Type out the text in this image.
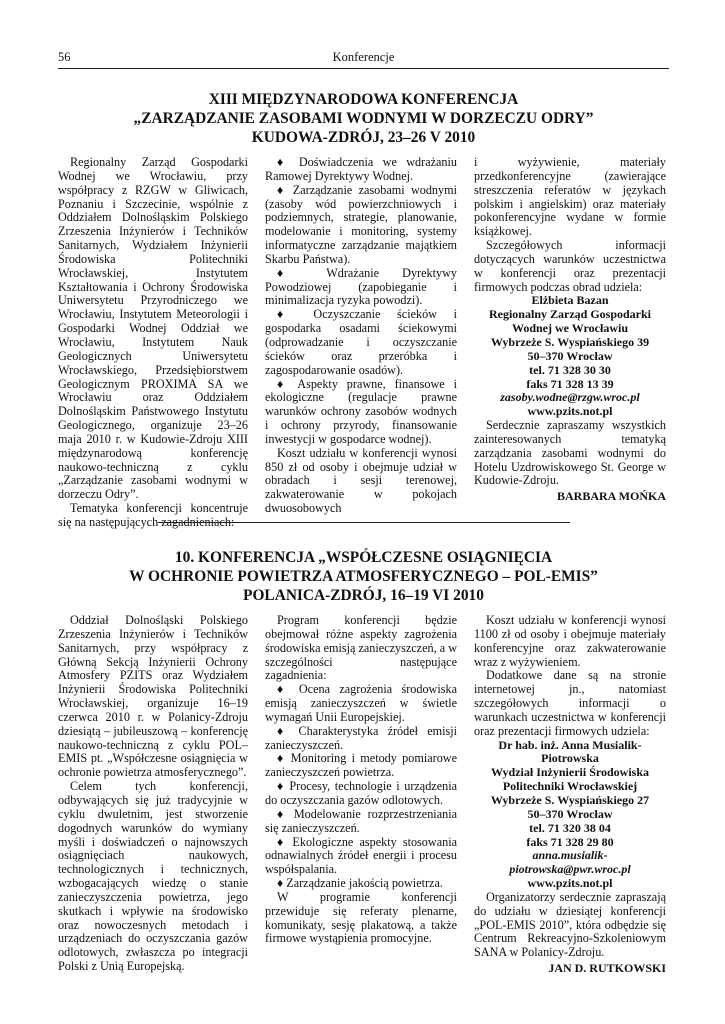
56	Konferencje
XIII MIĘDZYNARODOWA KONFERENCJA
„ZARZĄDZANIE ZASOBAMI WODNYMI W DORZECZU ODRY”
KUDOWA-ZDRÓJ, 23–26 V 2010

Regionalny Zarząd Gospodarki Wodnej we Wrocławiu, przy współpracy z RZGW w Gliwicach, Poznaniu i Szczecinie, wspólnie z Oddziałem Dolnośląskim Polskiego Zrzeszenia Inżynierów i Techników Sanitarnych, Wydziałem Inżynierii Środowiska Politechniki Wrocławskiej, Instytutem Kształtowania i Ochrony Środowiska Uniwersytetu Przyrodniczego we Wrocławiu, Instytutem Meteorologii i Gospodarki Wodnej Oddział we Wrocławiu, Instytutem Nauk Geologicznych Uniwersytetu Wrocławskiego, Przedsiębiorstwem Geologicznym PROXIMA SA we Wrocławiu oraz Oddziałem Dolnośląskim Państwowego Instytutu Geologicznego, organizuje 23–26 maja 2010 r. w Kudowie-Zdroju XIII międzynarodową konferencję naukowo-techniczną z cyklu „Zarządzanie zasobami wodnymi w dorzeczu Odry”.

Tematyka konferencji koncentruje się na następujących zagadnieniach:

♦ Doświadczenia we wdrażaniu Ramowej Dyrektywy Wodnej.

♦ Zarządzanie zasobami wodnymi (zasoby wód powierzchniowych i podziemnych, strategie, planowanie, modelowanie i monitoring, systemy informatyczne zarządzanie majątkiem Skarbu Państwa).

♦ Wdrażanie Dyrektywy Powodziowej (zapobieganie i minimalizacja ryzyka powodzi).

♦ Oczyszczanie ścieków i gospodarka osadami ściekowymi (odprowadzanie i oczyszczanie ścieków oraz przeróbka i zagospodarowanie osadów).

♦ Aspekty prawne, finansowe i ekologiczne (regulacje prawne warunków ochrony zasobów wodnych i ochrony przyrody, finansowanie inwestycji w gospodarce wodnej).

Koszt udziału w konferencji wynosi 850 zł od osoby i obejmuje udział w obradach i sesji terenowej, zakwaterowanie w pokojach dwuosobowych

i wyżywienie, materiały przedkonferencyjne (zawierające streszczenia referatów w językach polskim i angielskim) oraz materiały pokonferencyjne wydane w formie książkowej.

Szczegółowych informacji dotyczących warunków uczestnictwa w konferencji oraz prezentacji firmowych podczas obrad udziela:

Elżbieta Bazan
Regionalny Zarząd Gospodarki
Wodnej we Wrocławiu
Wybrzeże S. Wyspiańskiego 39
50–370 Wrocław
tel. 71 328 30 30
faks 71 328 13 39
zasoby.wodne@rzgw.wroc.pl
www.pzits.not.pl

Serdecznie zapraszamy wszystkich zainteresowanych tematyką zarządzania zasobami wodnymi do Hotelu Uzdrowiskowego St. George w Kudowie-Zdroju.

BARBARA MOŃKA
10. KONFERENCJA „WSPÓŁCZESNE OSIĄGNIĘCIA
W OCHRONIE POWIETRZA ATMOSFERYCZNEGO – POL-EMIS”
POLANICA-ZDRÓJ, 16–19 VI 2010

Oddział Dolnośląski Polskiego Zrzeszenia Inżynierów i Techników Sanitarnych, przy współpracy z Główną Sekcją Inżynierii Ochrony Atmosfery PZITS oraz Wydziałem Inżynierii Środowiska Politechniki Wrocławskiej, organizuje 16–19 czerwca 2010 r. w Polanicy-Zdroju dziesiątą – jubileuszową – konferencję naukowo-techniczną z cyklu POL–EMIS pt. „Współczesne osiągnięcia w ochronie powietrza atmosferycznego”.

Celem tych konferencji, odbywających się już tradycyjnie w cyklu dwuletnim, jest stworzenie dogodnych warunków do wymiany myśli i doświadczeń o najnowszych osiągnięciach naukowych, technologicznych i technicznych, wzbogacających wiedzę o stanie zanieczyszczenia powietrza, jego skutkach i wpływie na środowisko oraz nowoczesnych metodach i urządzeniach do oczyszczania gazów odlotowych, zwłaszcza po integracji Polski z Unią Europejską.

Program konferencji będzie obejmował różne aspekty zagrożenia środowiska emisją zanieczyszczeń, a w szczególności następujące zagadnienia:

♦ Ocena zagrożenia środowiska emisją zanieczyszczeń w świetle wymagań Unii Europejskiej.

♦ Charakterystyka źródeł emisji zanieczyszczeń.

♦ Monitoring i metody pomiarowe zanieczyszczeń powietrza.

♦ Procesy, technologie i urządzenia do oczyszczania gazów odlotowych.

♦ Modelowanie rozprzestrzeniania się zanieczyszczeń.

♦ Ekologiczne aspekty stosowania odnawialnych źródeł energii i procesu współspalania.

♦ Zarządzanie jakością powietrza.

W programie konferencji przewiduje się referaty plenarne, komunikaty, sesję plakatową, a także firmowe wystąpienia promocyjne.

Koszt udziału w konferencji wynosi 1100 zł od osoby i obejmuje materiały konferencyjne oraz zakwaterowanie wraz z wyżywieniem.

Dodatkowe dane są na stronie internetowej jn., natomiast szczegółowych informacji o warunkach uczestnictwa w konferencji oraz prezentacji firmowych udziela:

Dr hab. inż. Anna Musialik-Piotrowska
Wydział Inżynierii Środowiska
Politechniki Wrocławskiej
Wybrzeże S. Wyspiańskiego 27
50–370 Wrocław
tel. 71 320 38 04
faks 71 328 29 80
anna.musialik-piotrowska@pwr.wroc.pl
www.pzits.not.pl

Organizatorzy serdecznie zapraszają do udziału w dziesiątej konferencji „POL-EMIS 2010”, która odbędzie się Centrum Rekreacyjno-Szkoleniowym SANA w Polanicy-Zdroju.

JAN D. RUTKOWSKI
